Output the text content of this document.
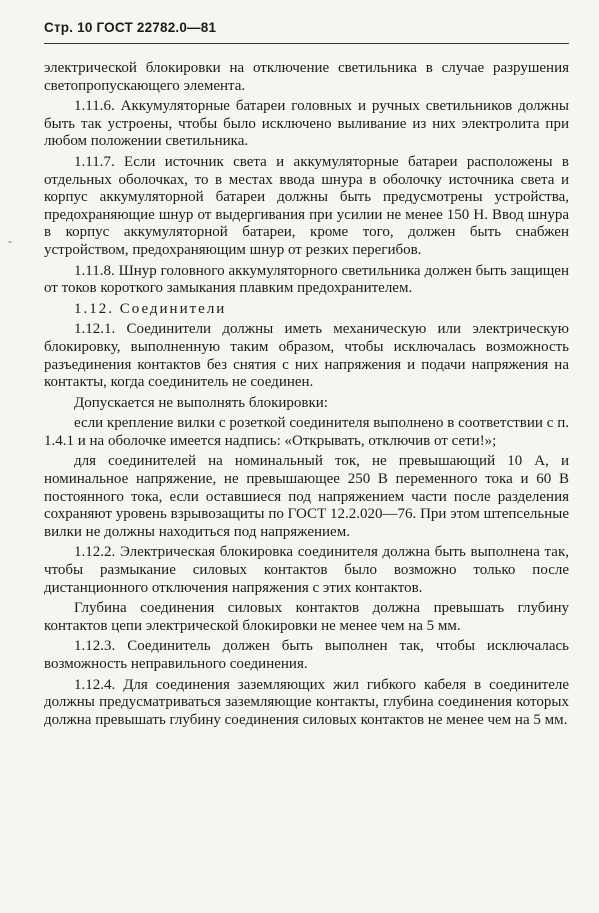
Стр. 10 ГОСТ 22782.0—81
-

электрической блокировки на отключение светильника в случае разрушения светопропускающего элемента.

1.11.6. Аккумуляторные батареи головных и ручных светильников должны быть так устроены, чтобы было исключено выливание из них электролита при любом положении светильника.

1.11.7. Если источник света и аккумуляторные батареи расположены в отдельных оболочках, то в местах ввода шнура в оболочку источника света и корпус аккумуляторной батареи должны быть предусмотрены устройства, предохраняющие шнур от выдергивания при усилии не менее 150 Н. Ввод шнура в корпус аккумуляторной батареи, кроме того, должен быть снабжен устройством, предохраняющим шнур от резких перегибов.

1.11.8. Шнур головного аккумуляторного светильника должен быть защищен от токов короткого замыкания плавким предохранителем.

1.12. Соединители

1.12.1. Соединители должны иметь механическую или электрическую блокировку, выполненную таким образом, чтобы исключалась возможность разъединения контактов без снятия с них напряжения и подачи напряжения на контакты, когда соединитель не соединен.

Допускается не выполнять блокировки:

если крепление вилки с розеткой соединителя выполнено в соответствии с п. 1.4.1 и на оболочке имеется надпись: «Открывать, отключив от сети!»;

для соединителей на номинальный ток, не превышающий 10 А, и номинальное напряжение, не превышающее 250 В переменного тока и 60 В постоянного тока, если оставшиеся под напряжением части после разделения сохраняют уровень взрывозащиты по ГОСТ 12.2.020—76. При этом штепсельные вилки не должны находиться под напряжением.

1.12.2. Электрическая блокировка соединителя должна быть выполнена так, чтобы размыкание силовых контактов было возможно только после дистанционного отключения напряжения с этих контактов.

Глубина соединения силовых контактов должна превышать глубину контактов цепи электрической блокировки не менее чем на 5 мм.

1.12.3. Соединитель должен быть выполнен так, чтобы исключалась возможность неправильного соединения.

1.12.4. Для соединения заземляющих жил гибкого кабеля в соединителе должны предусматриваться заземляющие контакты, глубина соединения которых должна превышать глубину соединения силовых контактов не менее чем на 5 мм.
